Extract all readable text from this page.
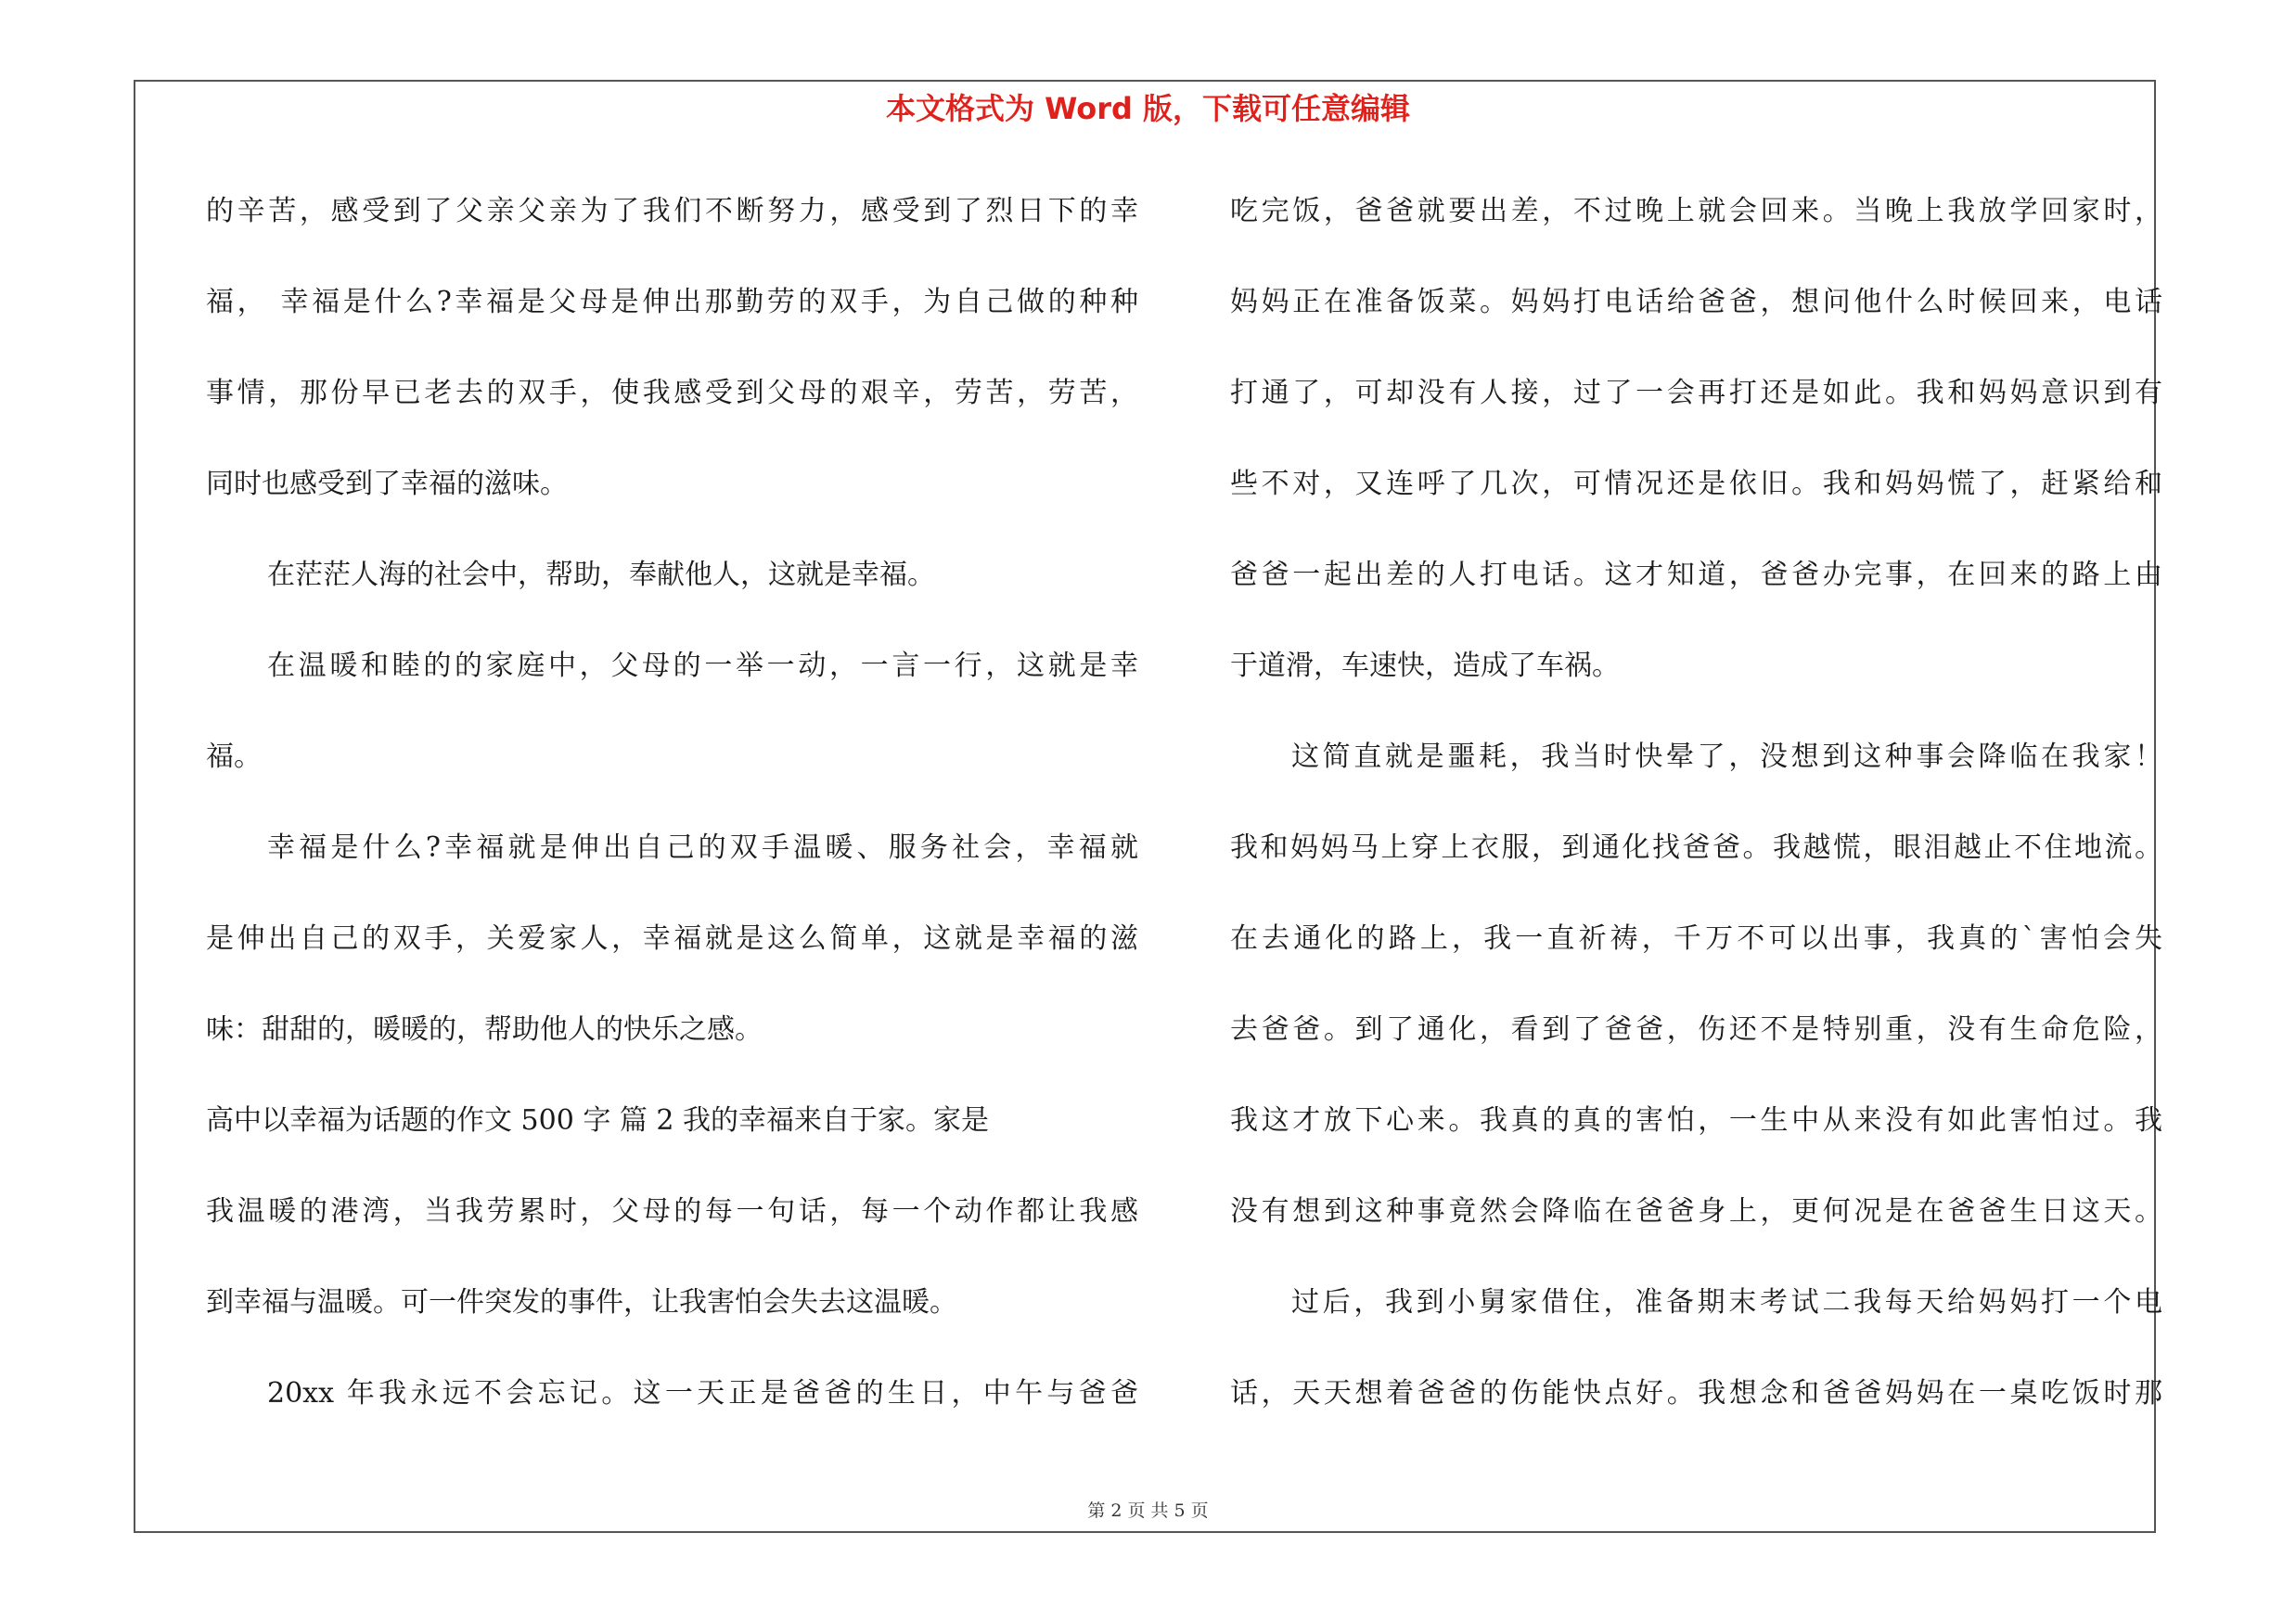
本文格式为 Word 版，下载可任意编辑
的辛苦，感受到了父亲父亲为了我们不断努力，感受到了烈日下的幸
福， 幸福是什么?幸福是父母是伸出那勤劳的双手，为自己做的种种
事情，那份早已老去的双手，使我感受到父母的艰辛，劳苦，劳苦，
同时也感受到了幸福的滋味。
在茫茫人海的社会中，帮助，奉献他人，这就是幸福。
在温暖和睦的的家庭中，父母的一举一动，一言一行，这就是幸
福。
幸福是什么?幸福就是伸出自己的双手温暖、服务社会，幸福就
是伸出自己的双手，关爱家人，幸福就是这么简单，这就是幸福的滋
味：甜甜的，暖暖的，帮助他人的快乐之感。
高中以幸福为话题的作文 500 字 篇 2 我的幸福来自于家。家是
我温暖的港湾，当我劳累时，父母的每一句话，每一个动作都让我感
到幸福与温暖。可一件突发的事件，让我害怕会失去这温暖。
20xx 年我永远不会忘记。这一天正是爸爸的生日，中午与爸爸
吃完饭，爸爸就要出差，不过晚上就会回来。当晚上我放学回家时，
妈妈正在准备饭菜。妈妈打电话给爸爸，想问他什么时候回来，电话
打通了，可却没有人接，过了一会再打还是如此。我和妈妈意识到有
些不对，又连呼了几次，可情况还是依旧。我和妈妈慌了，赶紧给和
爸爸一起出差的人打电话。这才知道，爸爸办完事，在回来的路上由
于道滑，车速快，造成了车祸。
这简直就是噩耗，我当时快晕了，没想到这种事会降临在我家！
我和妈妈马上穿上衣服，到通化找爸爸。我越慌，眼泪越止不住地流。
在去通化的路上，我一直祈祷，千万不可以出事，我真的`害怕会失
去爸爸。到了通化，看到了爸爸，伤还不是特别重，没有生命危险，
我这才放下心来。我真的真的害怕，一生中从来没有如此害怕过。我
没有想到这种事竟然会降临在爸爸身上，更何况是在爸爸生日这天。
过后，我到小舅家借住，准备期末考试二我每天给妈妈打一个电
话，天天想着爸爸的伤能快点好。我想念和爸爸妈妈在一桌吃饭时那
第 2 页 共 5 页
